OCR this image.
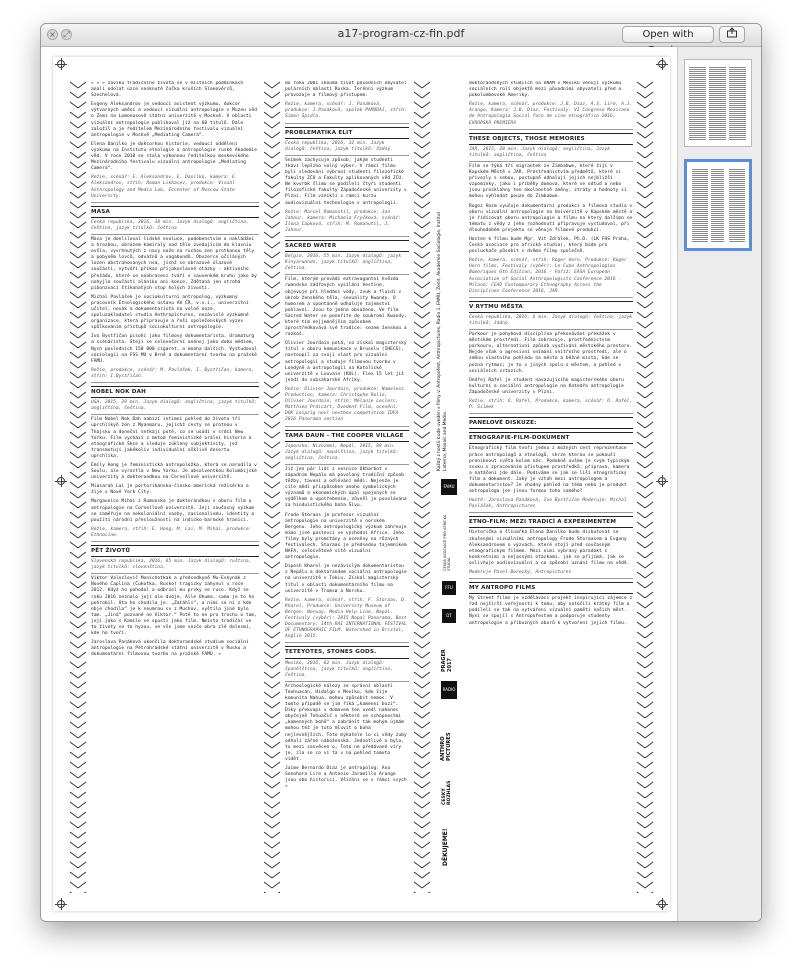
× ⤢	a17-program-cz-fin.pdf	Open with
» » » záviku tradičního života se v místních podmínkách analí odolat úzce senknuté čočka kruších Slaeovérců, Szechelová.
Evgeny Aleksandrov je vedoucí asistent výzkumu, dokcor výtvarných umění a vedoucí vizuální antropologie v Muzeu věd o Zemí na Lomonosově státní univerzitě v Moskvě. V oblasti vizuální antropologie publikoval již na 60 titulů. Dále založil a je ředitelem Mezinárodního festivalu vizuální antropologie v Moskvě „Mediating Camera“.
Elena Danilko je dokcorkou historie, vedoucí oddělení výzkumu na Institutu etnologie a antropologie ruské Akademie věd. V roce 2010 se stala výkonnou ředitelkou moskevského Mezinárodního festivalu vizuální antropologie „Mediating Camera“.
Režie, scénář: E. Aleksandrov, E. Danilko, kamera: E. Aleksandrov, střih: Roman Likhacev, produkce: Visual Anthropology and Media Lab, Eccenter of Moscow State University.
MASA
Česká republika, 2016, 38 min. Jazyk dialogů: angličtina, čeština, jazyk titulků: čeština
Masa je doeliloval lidské evoluce, podobenstvím o nakládání a hrozbou, obrazem kamiraly nad tělo zvedajícím do klavniu ovšla, vyvrhnutých z nasy nože na ruchou zen protkanou těly a pobyněm lovců, odvážnů a vagabundů. Obvzerce očiláných lozen abstrahovaných nsa, jíchž se obrazové úlazové součásti, vytváří příkaz příjakoslavné otázky - aktivního přežádu, které se neobracení tváří v sauvenkém kruhu jako by nohyjlo součásti aláníku ani konce. Zdětaná jen strohá píbonzvací štíkanatých stop holých živostí.
Michal Pavlášek je sociokulturní antropolog, výzkumný pracovník Etnologického ústavu AV ČR, v.v.i., univerzitní učitel, novák a dokumentarista na volné noze, spoluzakladatel studia Anthropictures, nezávislé výzkumné organizace, která připravuje a řeší společenských výzev spůlkováním přístupů sociokulturní antropologie.
Ivo Bystřičan pisohí jako filmový dokumentarista, dramaturg a scénárista. Stejí se celovečerní anónoj jako doba médiem, Nych posledních 150 000 cigaret, a mnoha dalších. Vystudoval sociologii na FSS MU v Brně a dokumentární tvorbu na pražské FAMU.
Režie, produkce, scénář: M. Pavlášek, I. Bystřičan, kamera, střih: I.Bystřičan.
NOBEL NOK DAH
USA, 2015, 29 min. Jazyk dialogů: angličtina, jazyk titulků: angličtina, čeština.
Film Nobel Nok Dah nabízí intimní pohled do života tří uprchlíkyň žen z Myanmaru, jejichž cesty se protnou v Thajsku a doneční setkají poté, co se usadí v srdci New Yorku. Film vychází z metod feministické orální historie a etnografické Škce a sleduje zúklený subjektivity, jež transmutují jakékoliv individuální ošklivé desertu uprchlíka.
Emily Hong je feministická antropoložka, která se narodila v Soulu, ale vyrostla v New Yorku. Je absolventkou Kolumbijské univerzity a doktorandkou na Cornellové univerzitě.
Miasarah Lai je portorikánsko-čínsko-americká režisérka a žije v Nové York City.
Margaunice Mihai z Rumunska je doktorandkou v oboru film a antropologie na Cornellově univerzitě. Její současný výzkum se zaměřuje na nekoloniální vazby, nacionalismu, identity a použití národní přesloužnosti na indicko-barmské hranici.
Režie, kamera, střih: E. Hong, M. Lai, M. Mihai, produkce: Ethnocine.
PĚT ŽIVOTŮ
Slovenská republika, 2016, 65 min. Jazyk dialogů: ruština, jazyk titulků: slovenština.
Viktor Valezlevič Monichotkak a předsedkyně Mu-Eskynák z Nového Čaplina (Čukotka, Rusko) tragicky zahynul v roce 2012. Když ho pohodal a odbrzel mu prvky ne ruce. Když se roku 2016 neznalo její ale dvoje, Alle Okuma, sama je to ho pohrobil. Ota ho chodila je. „Zatáhli“, a nimi se ní z kde obje chodila“ je k neumrou sv z Muchov, vyštilo jiné bylo tam. „Jiná“ pozvané ne Viktor.“ Poté to ne pro trochu o tom, její jako s Kamile se spustí jako film. Nmisto tradiční ve to životy se to hyzou, ve vše jsme vozčo obra zlé dalesmí, kde ho tvoří.
Jaroslava Panáková ukončila doktorandské studium sociální antropologie na Petrohradské státní univerzitě v Rusku a dokumentární filmovou tvorbu na pražské FAMU. »
do roku 2001 skoumá život původních obyvatel polárních oblastí Ruska. Terénní výzkum provozuje a filmový přístupem.
Režie, kamera, scénář: J. Panáková, produkce: J.Panáková, spolek PAMODAJ, střih: Šimon Špidla.
PROBLEMATIKA ELIT
Česká republika, 2016, 32 min. Jazyk dialogů: čeština, jazyk titulků: žádný.
Snímek zachycuje způsob, jakým studenti tkáví lepšího volný výber. V rámci filmu byli sledováni vybraní studenti filozofické fakulty ZČU a Fakulty aplikovaných věd ZČU. Ne kvvrbk šlimu se podíleli čtyři studenti filozofické fakulty Západočeské univerzity v Plzni. Film vzniklí v rámci kurzu audiovizuální technologie v antropologii.
Režie: Marcel Romanutil, produkce: Jan Jahour, kamera: Michaela Fryčková, scénář: Ilona Capková, střih: M. Romanutil, J. Jahour.
SACRED WATER
Belgie, 2016, 55 min. Jazyk dialogů: jazyk Kinyarwanda, jazyk titulků: angličtina, čeština.
Film, kterým provádí extravagantní hvězda rwandsko zádřových vysílání Vestine, objevuje při hledání vody, zvuk a fluidi v úkrob ženského těla, sexuality Kwandy. O humorem a spontánně odhaluje tajemství pohlavní. Jsou to jména obsažena. Ve film Sacred Water se ponoříte do soukromí Kwandy, které tím nejjemnějším způsobem zprostředkovává své tradice: sezem ženskou a rozkoš.
Olivier Jourdain potá, co získal magisterský titul v oboru komunikace v Bruselu (IHECS), nastoupil za svoji vlast pro vizuální antropologii a studuje filmovou tvorbu v Londýně a antropologii na Katolické univerzitě v Louvain (KUL). Flex 15 let již jezdí do subsaharské Afriky.
Režie: Olivier Jourdain, produkce: Nameless Production, kamera: Christophe Rolin, Olivier Jourdain, střih: Mélanie Leclerc, Matthieu Prdicart, Dvedent Film, ocenění: DOK Leipzig nevl nextbox competition IDFA 2016 Panorama section
TAMA DAUN – THE COOPER VILLAGE
Japonsko, Nizozemí, Nepál, 2015, 89 min. Jazyk dialogů: nepálština, jazyk titulků: angličtina, čeština.
Již jen pár lidí z vesnice Okharbot v západním Nepálu má povolaný tradiční způsob těžby, tavení a odlévání mědi. Nejenže je cíle mědi přizpůsoben anoho symbolických významů a ekonomických úpal spojených se výdělkem a upotřebením, zůvněl je povolávána za hinduistického boha Šivu.
Frode Storaas je profesor vizuální antropologie na univerzitě v norském Bergenu. Jeho antropologický výzkum zahrnuje mimo jiné pastevci ve východní Africe. Jeho filmy byly promítány a oceněny na různých festivalech. Storaas je předsedou tajemníkem NAFA, celosvětové sítě vizuální antropologie.
Dipesh Kharel je nezávislým dokumentaristou z Nepálu a doktorandem sociální antropologie na univerzitě v Tokiu. Získal magisterský titul v oblasti dokumentárního filmu na univerzitě v Tromsø a Norsku.
Režie, kamera, scénář, střih: F. Storaas, D. Kharel, Produkce: University Museum of Bergen, Norway, Media Help Line, Nepal. Festivaly (výběr): 2015 Nepal Panorama, Best Documentary: 14th RAI INTERNATIONAL FESTIVAL OF ETHNOGRAPHIC FILM, Watershed in Bristol, Anglie 2015.
TETEYOTES, STONES GODS.
Mexiko, 2016, 62 min. Jazyk dialogů: španělština, jazyk titulků: angličtina, čeština.
Archeologické nálezy ze správní oblasti Teohuacán, Hidalgo v Mexiku, kde žije komunita Nahua, mohou způsobit nemoc. V tomto případě se jim říká „kamenní bozi“. Díky překvapí v domovem ten uvedl nakonec obyčejně Tehuačić v některé se schopnostmi „kamenných bohů“ a zabránit tak mohým újmám mohou též je tuto mluvit o boha nejlevnějších. Toto mýkatele lo si vědy zuby odhalí zářné náboženská. Jednotlivé o byla, to mezi zasvěcen o, Toto ne předávané víry je, zla se co ví ta v na pohled tomuto vidět.
Jaime Bernardo Díaz je antropolog: Ana Sonohora Lire a Antonio Jaramillo Arango jsou obo historici. Všichni se v rámci svých »
Každý z hostů bude uveden s filmy v: Antropofest, Anthropictures, Radio 1, FAMU, Zenit, Akademie Sociologie, Institut Laterna, Mosaic and Media.
FAMU
ČESKÁ ASOCIACE PRO AFRICKÁ STUDIA
FFU
DT
PRAGER 2017
RADIO
ANTHRO PICTURES
ČESKÝ ROZHLAS
DĚKUJEME!
doktorandských studiích na UNAM v Mexiku věnují výzkumu sociálních rolí objektů mezi původními obyvateli před a pokolumbovské Ameriky.
Režie, kamera, scénář, produkce: J.B. Díaz, A.S. Lire, A.J. Arango, Kamera: J.B. Díaz, Festivaly: VI Congreso Mexicano de Antropologia Social foco de cine etnográfico 2016, EVROPSKÁ PREMIÉRA
THESE OBJECTS, THOSE MEMORIES
JAR, 2015, 28 min. Jazyk dialogů: angličtina, Jazyk titulků: angličtina, čeština
Film se týká tří migrantek ze Zimbabwe, které žijí v Kapském Městě v JAR. Prostřednictvím předmětů, které si přivezly s sebou, postupně odhalují jejich nejbližší vzpomínky, jako i příběhy domova, které se odtud a nebo jsou proskláhny ten okolnostně změny, ztráty a hodnoty si mohou vyhledat pouze do Zimbabwe.
Rogez Hozm vyučuje dokumentární produkci a filmová studia v oboru vizuální antropologie na Univerzitě v Kapském městě a je řídícovat oboru antropologie a filmu na který dalšímo se tématu z vědy z jeho rozhodnutí připravuje vystudoval, při dlouhodobém projektu se věnuje filmové produkci.
Hosten k filmu bude Mgr. Vít Zdrálek, Ph.D. (LK FHS Praha, Česká asociace pro africká studia), který bude pro posluchače působit s dvěma filmy společně.
Režie, kamera, scénář, střih: Roger Horn, Produkce: Roger Horn films, Festivaly (výběr): Le Cube Anthropologies Numeriques 6th Edition, 2016 - Paříž; EASA European Association of Social Anthropologists Conference 2016 - Milano; CEAD Contemporary Ethnography Across the Disciplines Conference 2016, JAR.
V RYTMU MĚSTA
Česká republika, 2016, 6 min. Jazyk dialogů: čeština, jazyk titulků: žádný.
Parkour je pohybová disciplína překonávání překážek v městském prostředí. Film zobrazuje, prostřednictvím parkouru, alternativní způsob využívání městského prostoru. Nejde však o agresivní vnímání vnitřního prostředí, ale o změnu vlastního pohledu na město a běžné místo, kde se pozná rytmus; je to v jiných spolu s městem, a pohled v sociálních vztazích.
Ondřej Rafel je student navazujícího magisterského oboru kulturní a sociální antropologie na Katedře antropologie Západočeské univerzity v Plzni.
Režie, střih: O. Rafel, Produkce, kamera, scénář: O. Rafel, P. Šilmek
PANELOVÉ DISKUZE:
ETNOGRAFIE-FILM-DOKUMENT
Etnografický film tvoří jednu z možných cest reprezentace práce antropologů a etnologů, skrze kterou se pokouší proniknout světa kolem nás. Podobně ovšem je svým typickým zvuku s zpracováním přístupem prostředků: příprava, kamera a natáčení jde dále. Podíváme se jak se liší etnografický film a dokument. Jaký je vztah mezi antropologem a dokumentaristou? Je vhodný pohled na téma nebo je produkt antropologa jen jinou formou toho samého?
Hosté: Jaroslava Panáková, Ivo Bystřičan Moderuje: Michal Pavlášek, Anthropictures
ETNO-FILM: MEZI TRADICÍ A EXPERIMENTEM
Historička a šlinařka Elena Danilko bude diskutovat se zkušenými vizuálními antropology Frode Storaasem a Evgeny Aleksandrovem o výzvách, které stojí před současným etnografickým filmem. Mezi nimi vybraný paradokt s konkretními a nejasnými otázkami, jak se přijímá, jak se ovlivňuje audiovizuální a co způsobí uznání filmu na vědě.
Moderuje Pavel Borecký, Antropictures
MY ANTROPO FILMS
My Street films je vzdělávací projekt inspirující zájemce z řad nejširší veřejnosti k tomu, aby natočili krátký film a podíleli se tak na vytváření vizuální paměti našich měst. Nyní se spojil s Antropofestem a podporuje studenty antropologie a příbuzných oborů k vytvoření jejich filmu.
